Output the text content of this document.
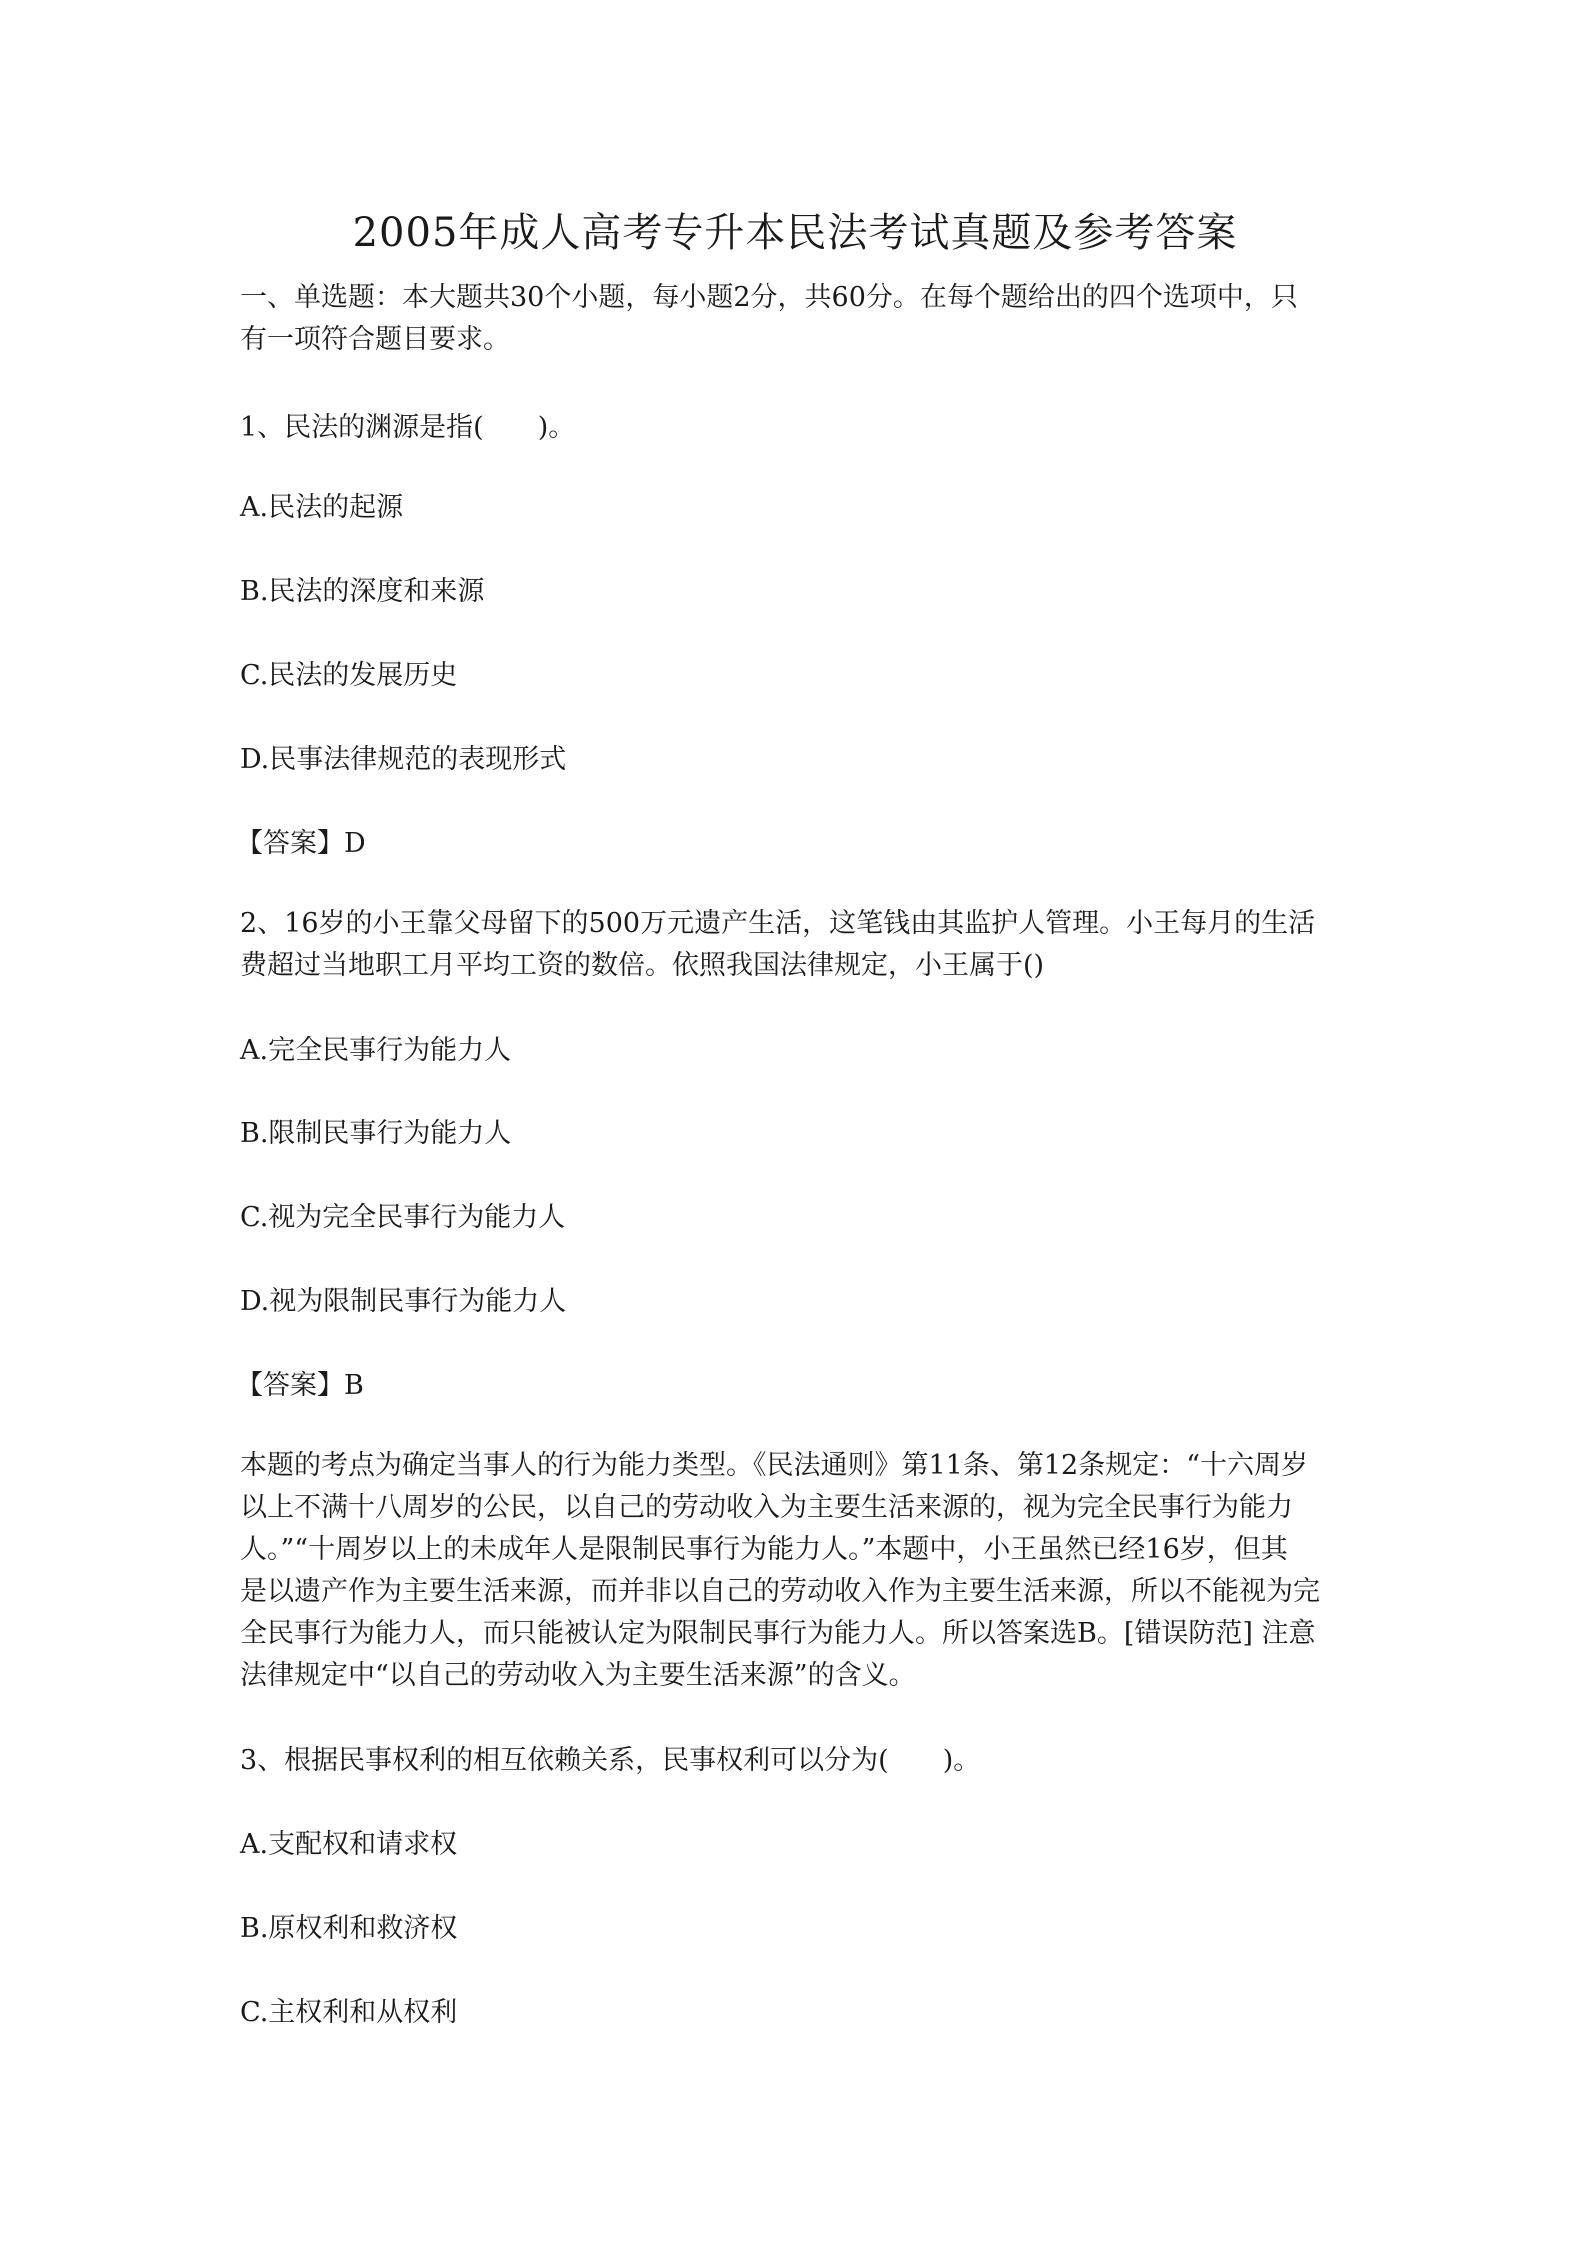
2005年成人高考专升本民法考试真题及参考答案
一、单选题：本大题共30个小题，每小题2分，共60分。在每个题给出的四个选项中，只
有一项符合题目要求。
1、民法的渊源是指(　　)。
A.民法的起源
B.民法的深度和来源
C.民法的发展历史
D.民事法律规范的表现形式
【答案】D
2、16岁的小王靠父母留下的500万元遗产生活，这笔钱由其监护人管理。小王每月的生活
费超过当地职工月平均工资的数倍。依照我国法律规定，小王属于()
A.完全民事行为能力人
B.限制民事行为能力人
C.视为完全民事行为能力人
D.视为限制民事行为能力人
【答案】B
本题的考点为确定当事人的行为能力类型。《民法通则》第11条、第12条规定：“十六周岁
以上不满十八周岁的公民，以自己的劳动收入为主要生活来源的，视为完全民事行为能力
人。”“十周岁以上的未成年人是限制民事行为能力人。”本题中，小王虽然已经16岁，但其
是以遗产作为主要生活来源，而并非以自己的劳动收入作为主要生活来源，所以不能视为完
全民事行为能力人，而只能被认定为限制民事行为能力人。所以答案选B。[错误防范] 注意
法律规定中“以自己的劳动收入为主要生活来源”的含义。
3、根据民事权利的相互依赖关系，民事权利可以分为(　　)。
A.支配权和请求权
B.原权利和救济权
C.主权利和从权利
